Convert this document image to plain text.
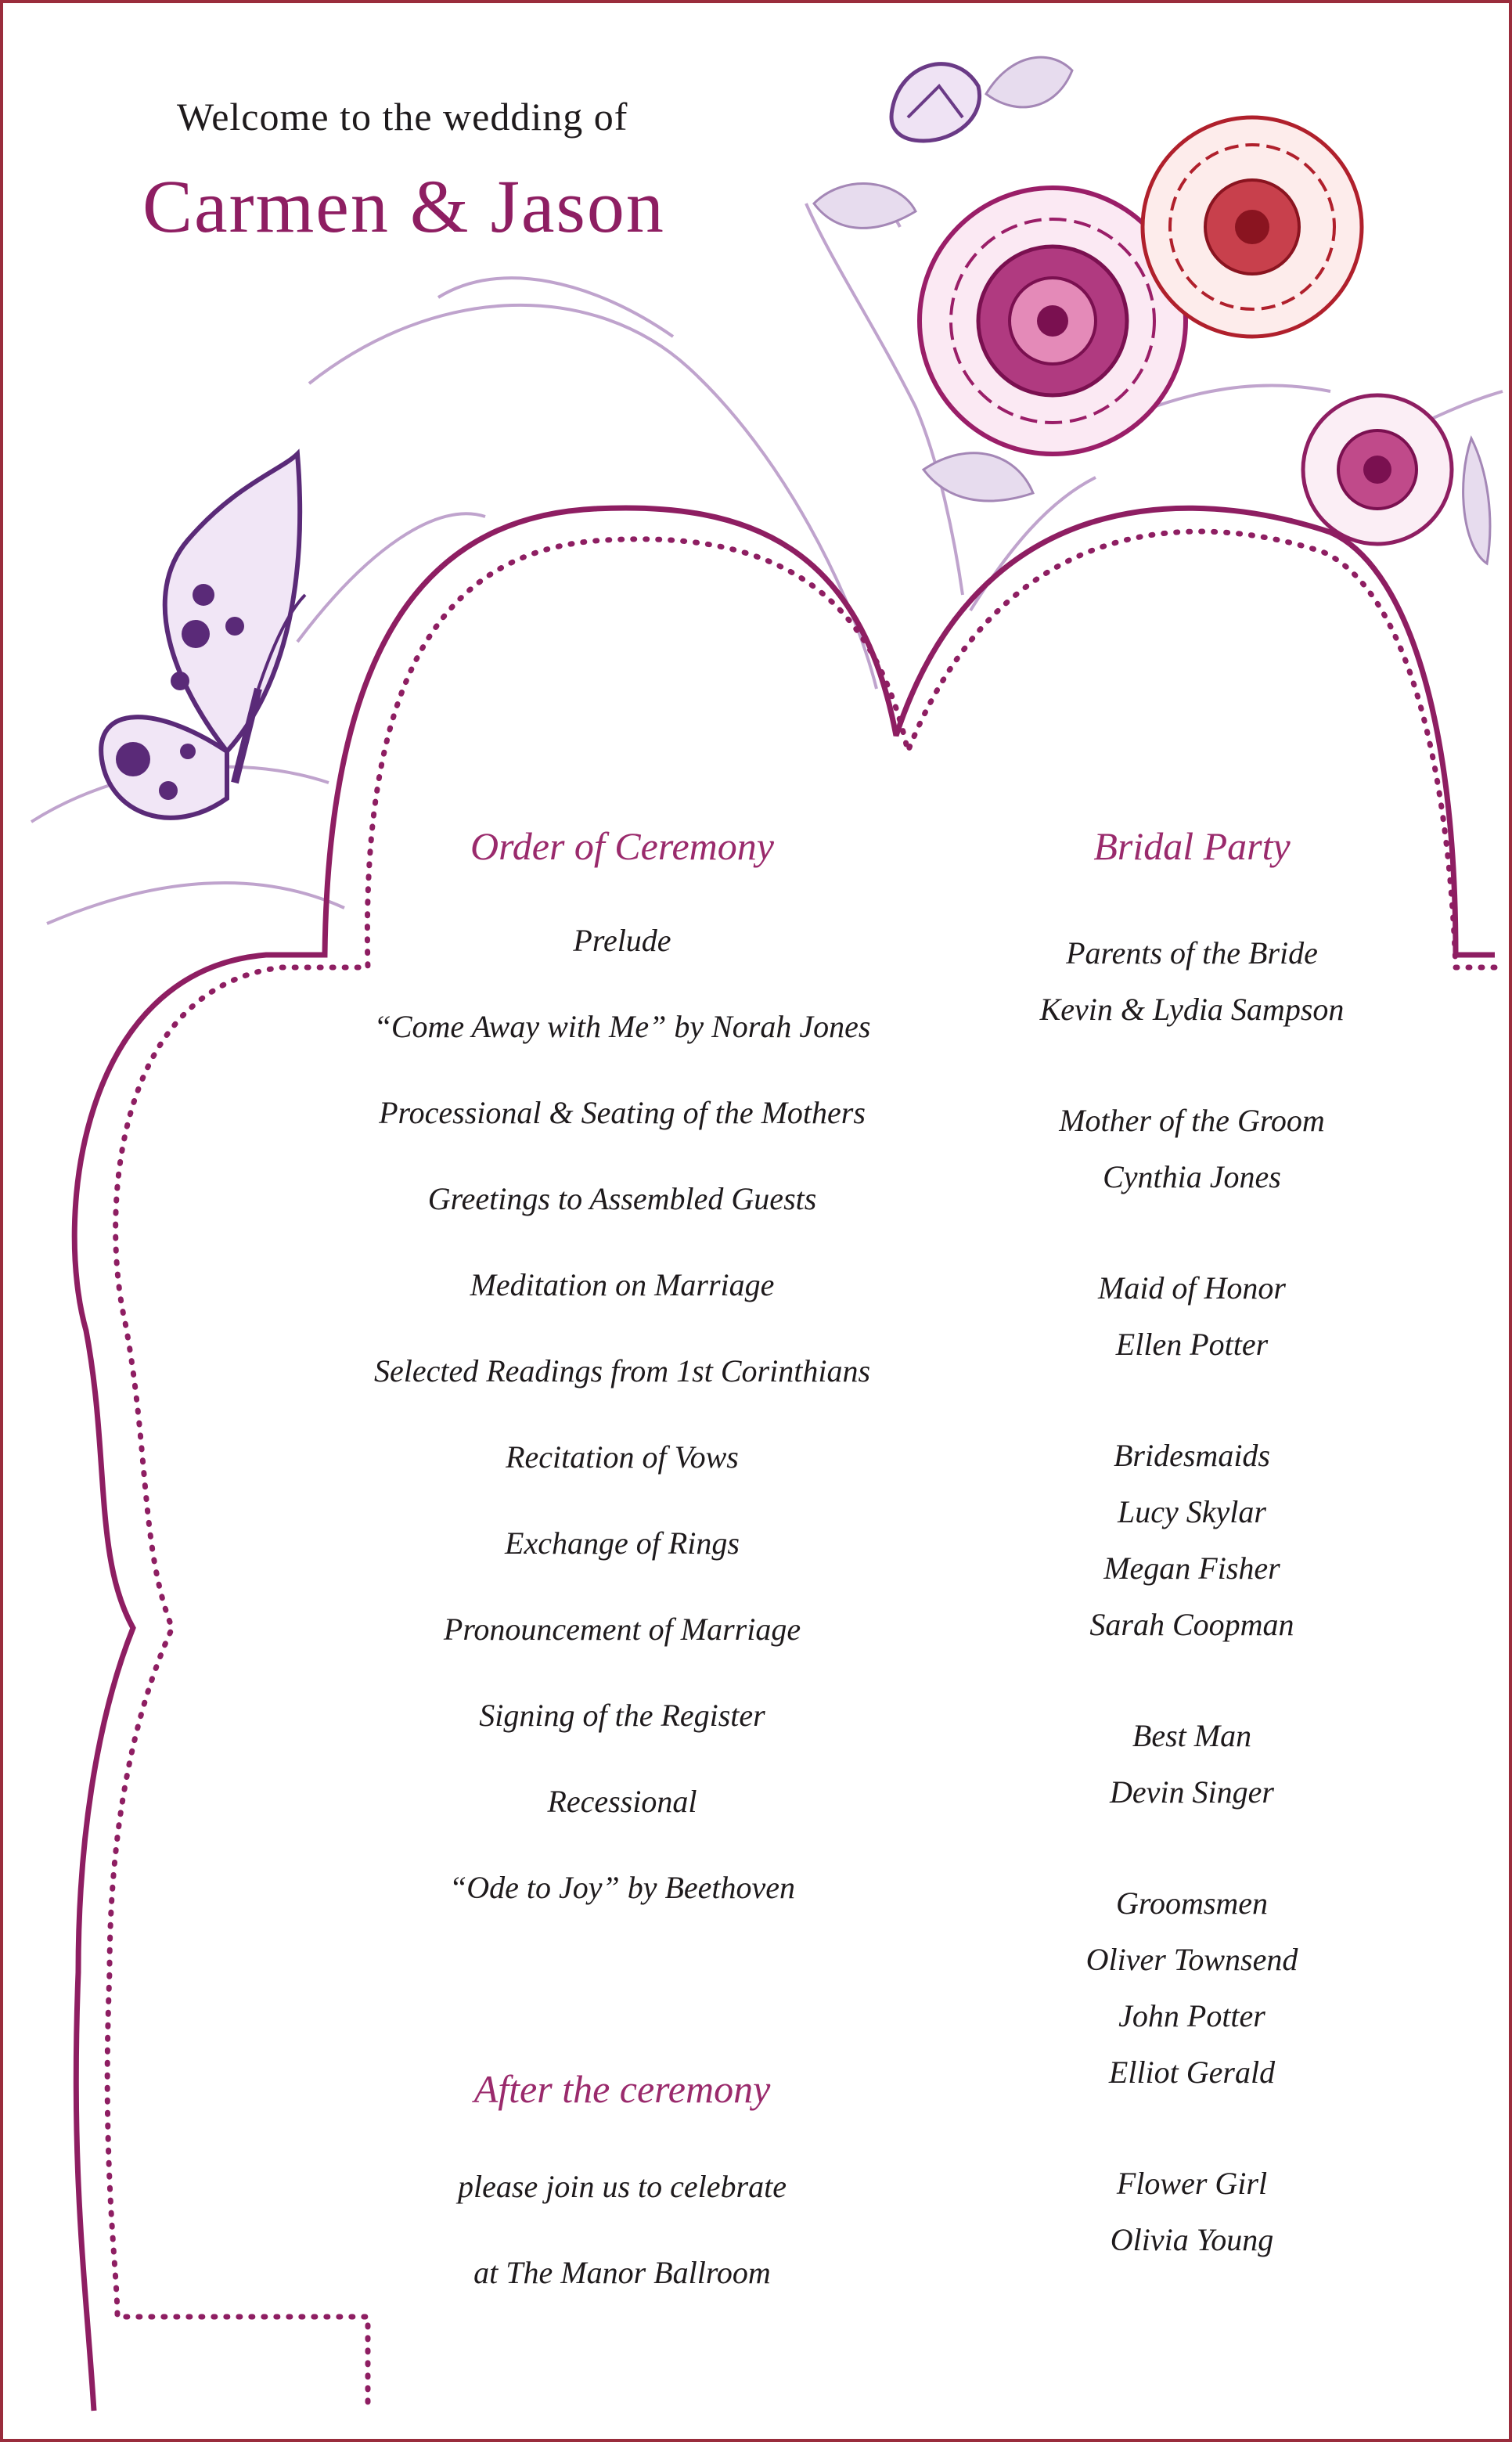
Welcome to the wedding of
Carmen & Jason
Order of Ceremony
Prelude
“Come Away with Me” by Norah Jones
Processional & Seating of the Mothers
Greetings to Assembled Guests
Meditation on Marriage
Selected Readings from 1st Corinthians
Recitation of Vows
Exchange of Rings
Pronouncement of Marriage
Signing of the Register
Recessional
“Ode to Joy” by Beethoven
After the ceremony
please join us to celebrate
at The Manor Ballroom
Bridal Party
Parents of the Bride
Kevin & Lydia Sampson
Mother of the Groom
Cynthia Jones
Maid of Honor
Ellen Potter
Bridesmaids
Lucy Skylar
Megan Fisher
Sarah Coopman
Best Man
Devin Singer
Groomsmen
Oliver Townsend
John Potter
Elliot Gerald
Flower Girl
Olivia Young
